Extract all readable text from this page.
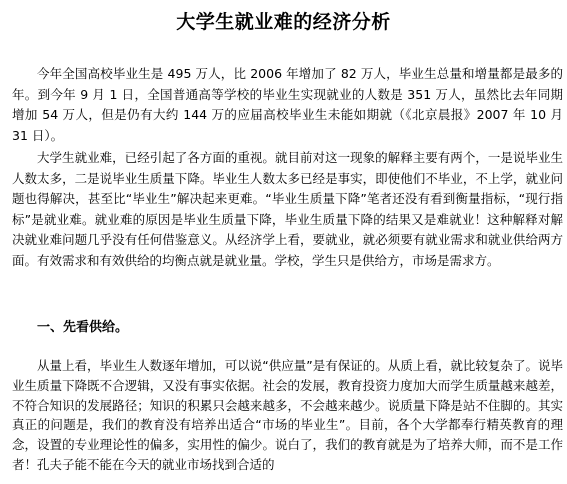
大学生就业难的经济分析

今年全国高校毕业生是 495 万人，比 2006 年增加了 82 万人，毕业生总量和增量都是最多的年。到今年 9 月 1 日，全国普通高等学校的毕业生实现就业的人数是 351 万人，虽然比去年同期增加 54 万人，但是仍有大约 144 万的应届高校毕业生未能如期就（《北京晨报》2007 年 10 月 31 日）。

大学生就业难，已经引起了各方面的重视。就目前对这一现象的解释主要有两个，一是说毕业生人数太多，二是说毕业生质量下降。毕业生人数太多已经是事实，即使他们不毕业，不上学，就业问题也得解决，甚至比“毕业生”解决起来更难。“毕业生质量下降”笔者还没有看到衡量指标，“现行指标”是就业难。就业难的原因是毕业生质量下降，毕业生质量下降的结果又是难就业！这种解释对解决就业难问题几乎没有任何借鉴意义。从经济学上看，要就业，就必须要有就业需求和就业供给两方面。有效需求和有效供给的均衡点就是就业量。学校，学生只是供给方，市场是需求方。

一、先看供给。

从量上看，毕业生人数逐年增加，可以说“供应量”是有保证的。从质上看，就比较复杂了。说毕业生质量下降既不合逻辑，又没有事实依据。社会的发展，教育投资力度加大而学生质量越来越差，不符合知识的发展路径；知识的积累只会越来越多，不会越来越少。说质量下降是站不住脚的。其实真正的问题是，我们的教育没有培养出适合“市场的毕业生”。目前，各个大学都奉行精英教育的理念，设置的专业理论性的偏多，实用性的偏少。说白了，我们的教育就是为了培养大师，而不是工作者！孔夫子能不能在今天的就业市场找到合适的
